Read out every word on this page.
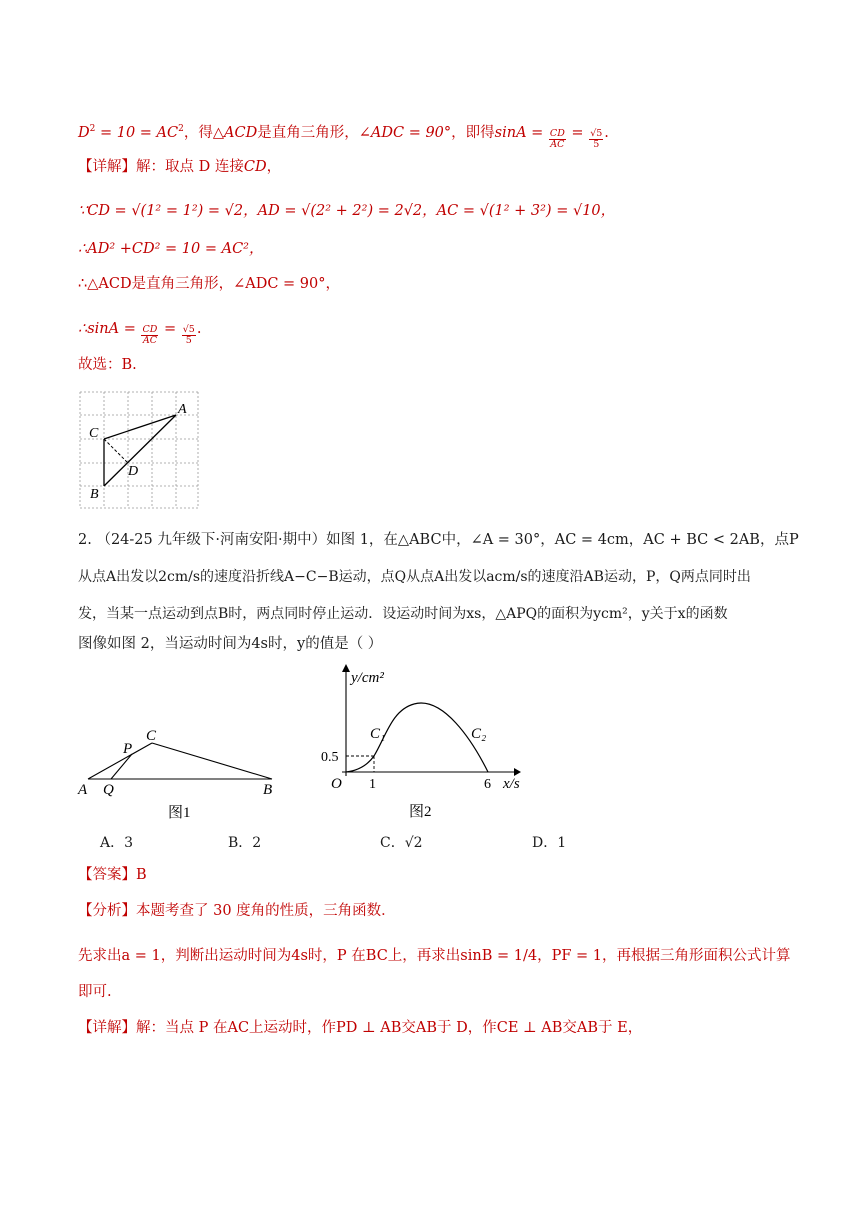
$D^2 = 10 = AC^2$，得△ACD是直角三角形，∠ADC = 90°，即得$\sin A = \frac{CD}{AC} = \frac{√5}{5}$ .
【详解】解：取点 D 连接CD，
∵CD = √(1² = 1²) = √2，AD = √(2² + 2²) = 2√2，AC = √(1² + 3²) = √10，
∴AD² +CD² = 10 = AC²，
∴△ACD是直角三角形，∠ADC = 90°，
∴sinA = $\frac{CD}{AC} = \frac{√5}{5}$ .
故选：B.
A
C
D
B
2. （24-25 九年级下·河南安阳·期中）如图 1，在△ABC中，∠A = 30°，AC = 4cm，AC + BC < 2AB，点P
从点A出发以2cm/s的速度沿折线A−C−B运动，点Q从点A出发以acm/s的速度沿AB运动，P，Q两点同时出
发，当某一点运动到点B时，两点同时停止运动．设运动时间为xs，△APQ的面积为ycm²，y关于x的函数
图像如图 2，当运动时间为4s时，y的值是（ ）
C
P
A Q	B
图1
y/cm²
x/s
O
0.5
1	6
C₁	C₂
图2
A．3	B．2	C．√2	D．1
【答案】B
【分析】本题考查了 30 度角的性质，三角函数．
先求出a = 1，判断出运动时间为4s时，P 在BC上，再求出sinB = 1/4，PF = 1，再根据三角形面积公式计算
即可.
【详解】解：当点 P 在AC上运动时，作PD ⊥ AB交AB于 D，作CE ⊥ AB交AB于 E，
